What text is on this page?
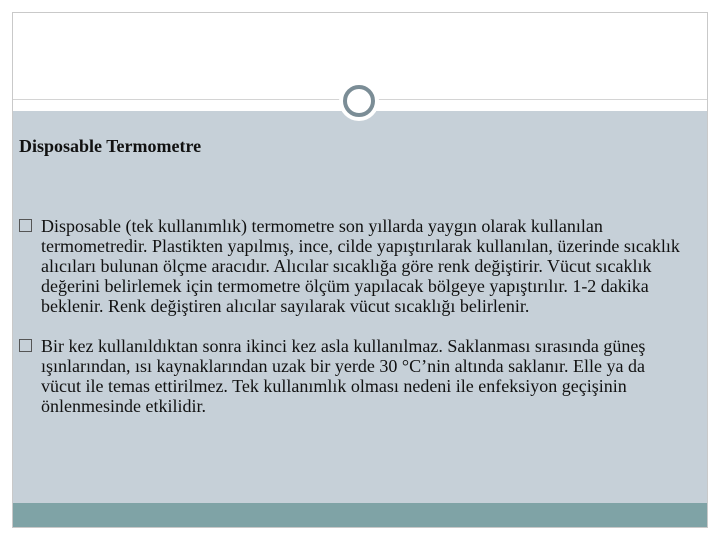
Disposable Termometre
Disposable (tek kullanımlık) termometre son yıllarda yaygın olarak kullanılan termometredir. Plastikten yapılmış, ince, cilde yapıştırılarak kullanılan, üzerinde sıcaklık alıcıları bulunan ölçme aracıdır. Alıcılar sıcaklığa göre renk değiştirir. Vücut sıcaklık değerini belirlemek için termometre ölçüm yapılacak bölgeye yapıştırılır. 1-2 dakika beklenir. Renk değiştiren alıcılar sayılarak vücut sıcaklığı belirlenir.
Bir kez kullanıldıktan sonra ikinci kez asla kullanılmaz. Saklanması sırasında güneş ışınlarından, ısı kaynaklarından uzak bir yerde 30 °C’nin altında saklanır. Elle ya da vücut ile temas ettirilmez. Tek kullanımlık olması nedeni ile enfeksiyon geçişinin önlenmesinde etkilidir.
